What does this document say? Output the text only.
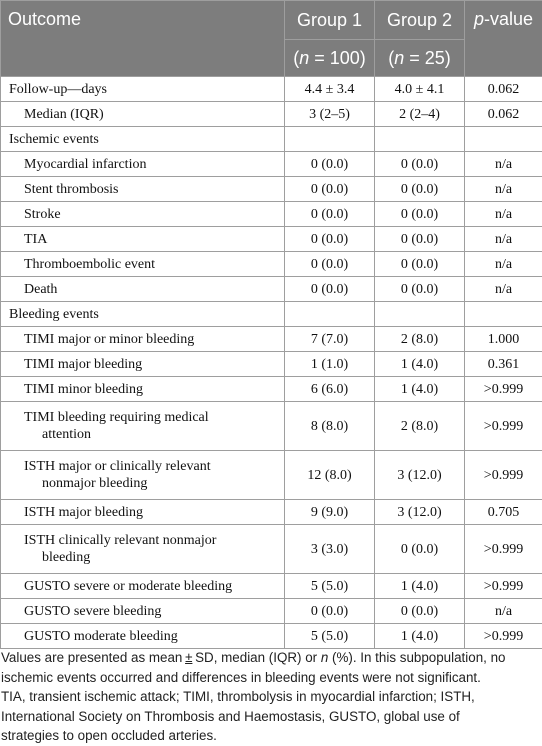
Outcome	Group 1	Group 2	p-value
	(n = 100)	(n = 25)	
Follow-up—days	4.4 ± 3.4	4.0 ± 4.1	0.062
Median (IQR)	3 (2–5)	2 (2–4)	0.062
Ischemic events			
Myocardial infarction	0 (0.0)	0 (0.0)	n/a
Stent thrombosis	0 (0.0)	0 (0.0)	n/a
Stroke	0 (0.0)	0 (0.0)	n/a
TIA	0 (0.0)	0 (0.0)	n/a
Thromboembolic event	0 (0.0)	0 (0.0)	n/a
Death	0 (0.0)	0 (0.0)	n/a
Bleeding events			
TIMI major or minor bleeding	7 (7.0)	2 (8.0)	1.000
TIMI major bleeding	1 (1.0)	1 (4.0)	0.361
TIMI minor bleeding	6 (6.0)	1 (4.0)	>0.999

TIMI bleeding requiring medical
attention	8 (8.0)	2 (8.0)	>0.999

ISTH major or clinically relevant
nonmajor bleeding	12 (8.0)	3 (12.0)	>0.999
ISTH major bleeding	9 (9.0)	3 (12.0)	0.705

ISTH clinically relevant nonmajor
bleeding	3 (3.0)	0 (0.0)	>0.999
GUSTO severe or moderate bleeding	5 (5.0)	1 (4.0)	>0.999
GUSTO severe bleeding	0 (0.0)	0 (0.0)	n/a
GUSTO moderate bleeding	5 (5.0)	1 (4.0)	>0.999
Values are presented as mean ± SD, median (IQR) or n (%). In this subpopulation, no
ischemic events occurred and differences in bleeding events were not significant.
TIA, transient ischemic attack; TIMI, thrombolysis in myocardial infarction; ISTH,
International Society on Thrombosis and Haemostasis, GUSTO, global use of
strategies to open occluded arteries.
